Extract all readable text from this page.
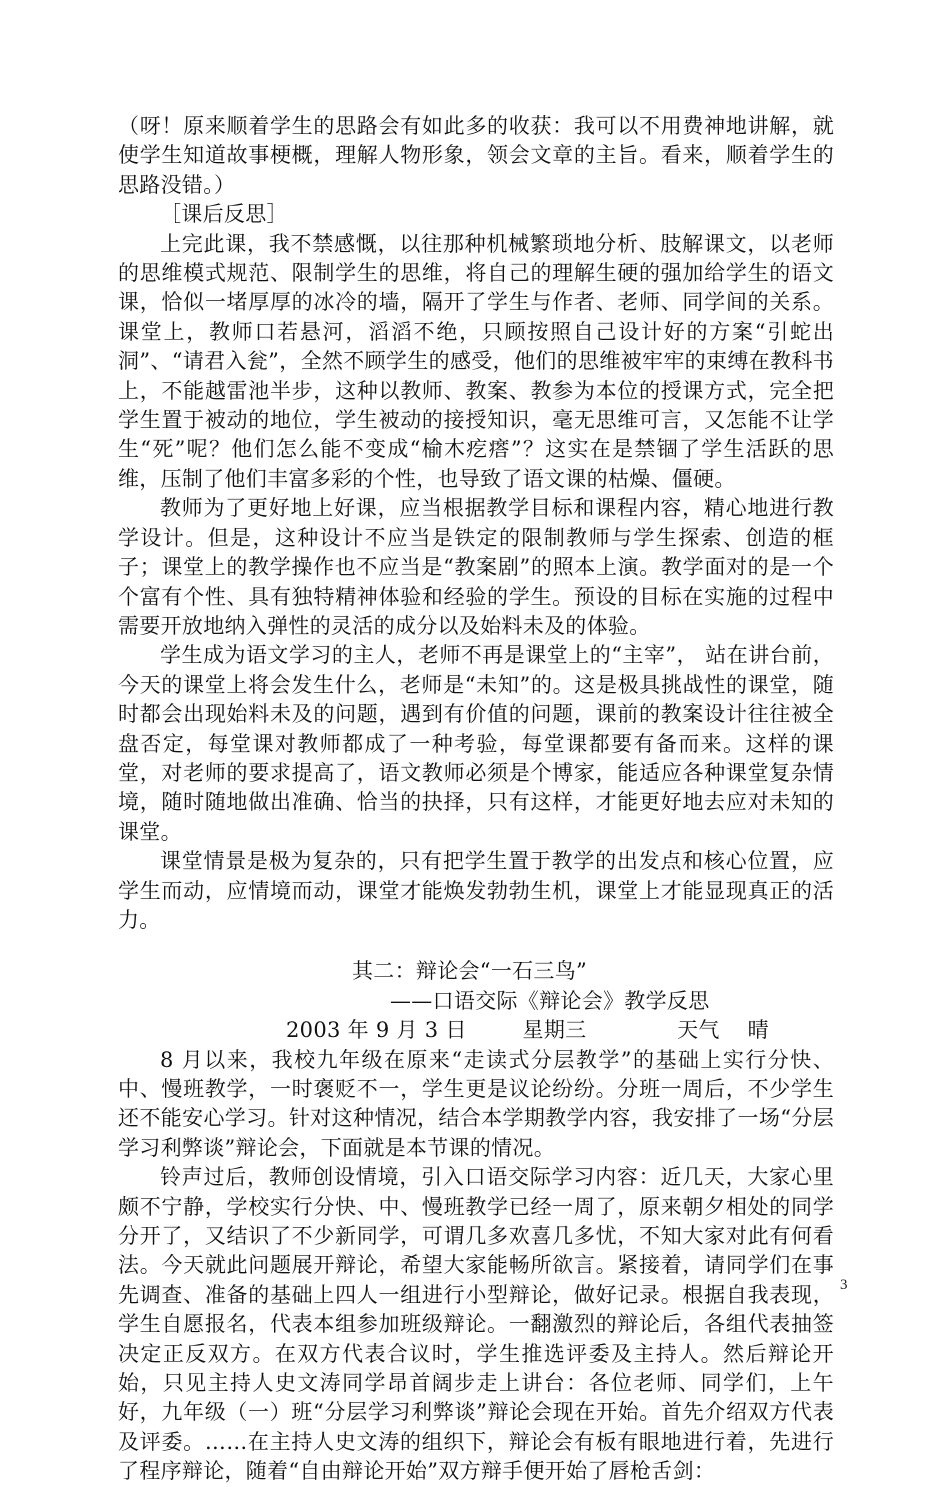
（呀！原来顺着学生的思路会有如此多的收获：我可以不用费神地讲解，就使学生知道故事梗概，理解人物形象，领会文章的主旨。看来，顺着学生的思路没错。）

［课后反思］

上完此课，我不禁感慨，以往那种机械繁琐地分析、肢解课文，以老师的思维模式规范、限制学生的思维，将自己的理解生硬的强加给学生的语文课，恰似一堵厚厚的冰冷的墙，隔开了学生与作者、老师、同学间的关系。课堂上，教师口若悬河，滔滔不绝，只顾按照自己设计好的方案“引蛇出洞”、“请君入瓮”，全然不顾学生的感受，他们的思维被牢牢的束缚在教科书上，不能越雷池半步，这种以教师、教案、教参为本位的授课方式，完全把学生置于被动的地位，学生被动的接授知识，毫无思维可言，又怎能不让学生“死”呢？他们怎么能不变成“榆木疙瘩”？这实在是禁锢了学生活跃的思维，压制了他们丰富多彩的个性，也导致了语文课的枯燥、僵硬。

教师为了更好地上好课，应当根据教学目标和课程内容，精心地进行教学设计。但是，这种设计不应当是铁定的限制教师与学生探索、创造的框子；课堂上的教学操作也不应当是“教案剧”的照本上演。教学面对的是一个个富有个性、具有独特精神体验和经验的学生。预设的目标在实施的过程中需要开放地纳入弹性的灵活的成分以及始料未及的体验。

学生成为语文学习的主人，老师不再是课堂上的“主宰”， 站在讲台前，今天的课堂上将会发生什么，老师是“未知”的。这是极具挑战性的课堂，随时都会出现始料未及的问题，遇到有价值的问题，课前的教案设计往往被全盘否定，每堂课对教师都成了一种考验，每堂课都要有备而来。这样的课堂，对老师的要求提高了，语文教师必须是个博家，能适应各种课堂复杂情境，随时随地做出准确、恰当的抉择，只有这样，才能更好地去应对未知的课堂。

课堂情景是极为复杂的，只有把学生置于教学的出发点和核心位置，应学生而动，应情境而动，课堂才能焕发勃勃生机，课堂上才能显现真正的活力。

其二：辩论会“一石三鸟”

——口语交际《辩论会》教学反思

2003 年 9 月 3 日        星期三             天气    晴

8 月以来，我校九年级在原来“走读式分层教学”的基础上实行分快、中、慢班教学，一时褒贬不一，学生更是议论纷纷。分班一周后，不少学生还不能安心学习。针对这种情况，结合本学期教学内容，我安排了一场“分层学习利弊谈”辩论会，下面就是本节课的情况。

铃声过后，教师创设情境，引入口语交际学习内容：近几天，大家心里颇不宁静，学校实行分快、中、慢班教学已经一周了，原来朝夕相处的同学分开了，又结识了不少新同学，可谓几多欢喜几多忧，不知大家对此有何看法。今天就此问题展开辩论，希望大家能畅所欲言。紧接着，请同学们在事先调查、准备的基础上四人一组进行小型辩论，做好记录。根据自我表现，学生自愿报名，代表本组参加班级辩论。一翻激烈的辩论后，各组代表抽签决定正反双方。在双方代表合议时，学生推选评委及主持人。然后辩论开始，只见主持人史文涛同学昂首阔步走上讲台：各位老师、同学们，上午好，九年级（一）班“分层学习利弊谈”辩论会现在开始。首先介绍双方代表及评委。……在主持人史文涛的组织下，辩论会有板有眼地进行着，先进行了程序辩论，随着“自由辩论开始”双方辩手便开始了唇枪舌剑：

3
